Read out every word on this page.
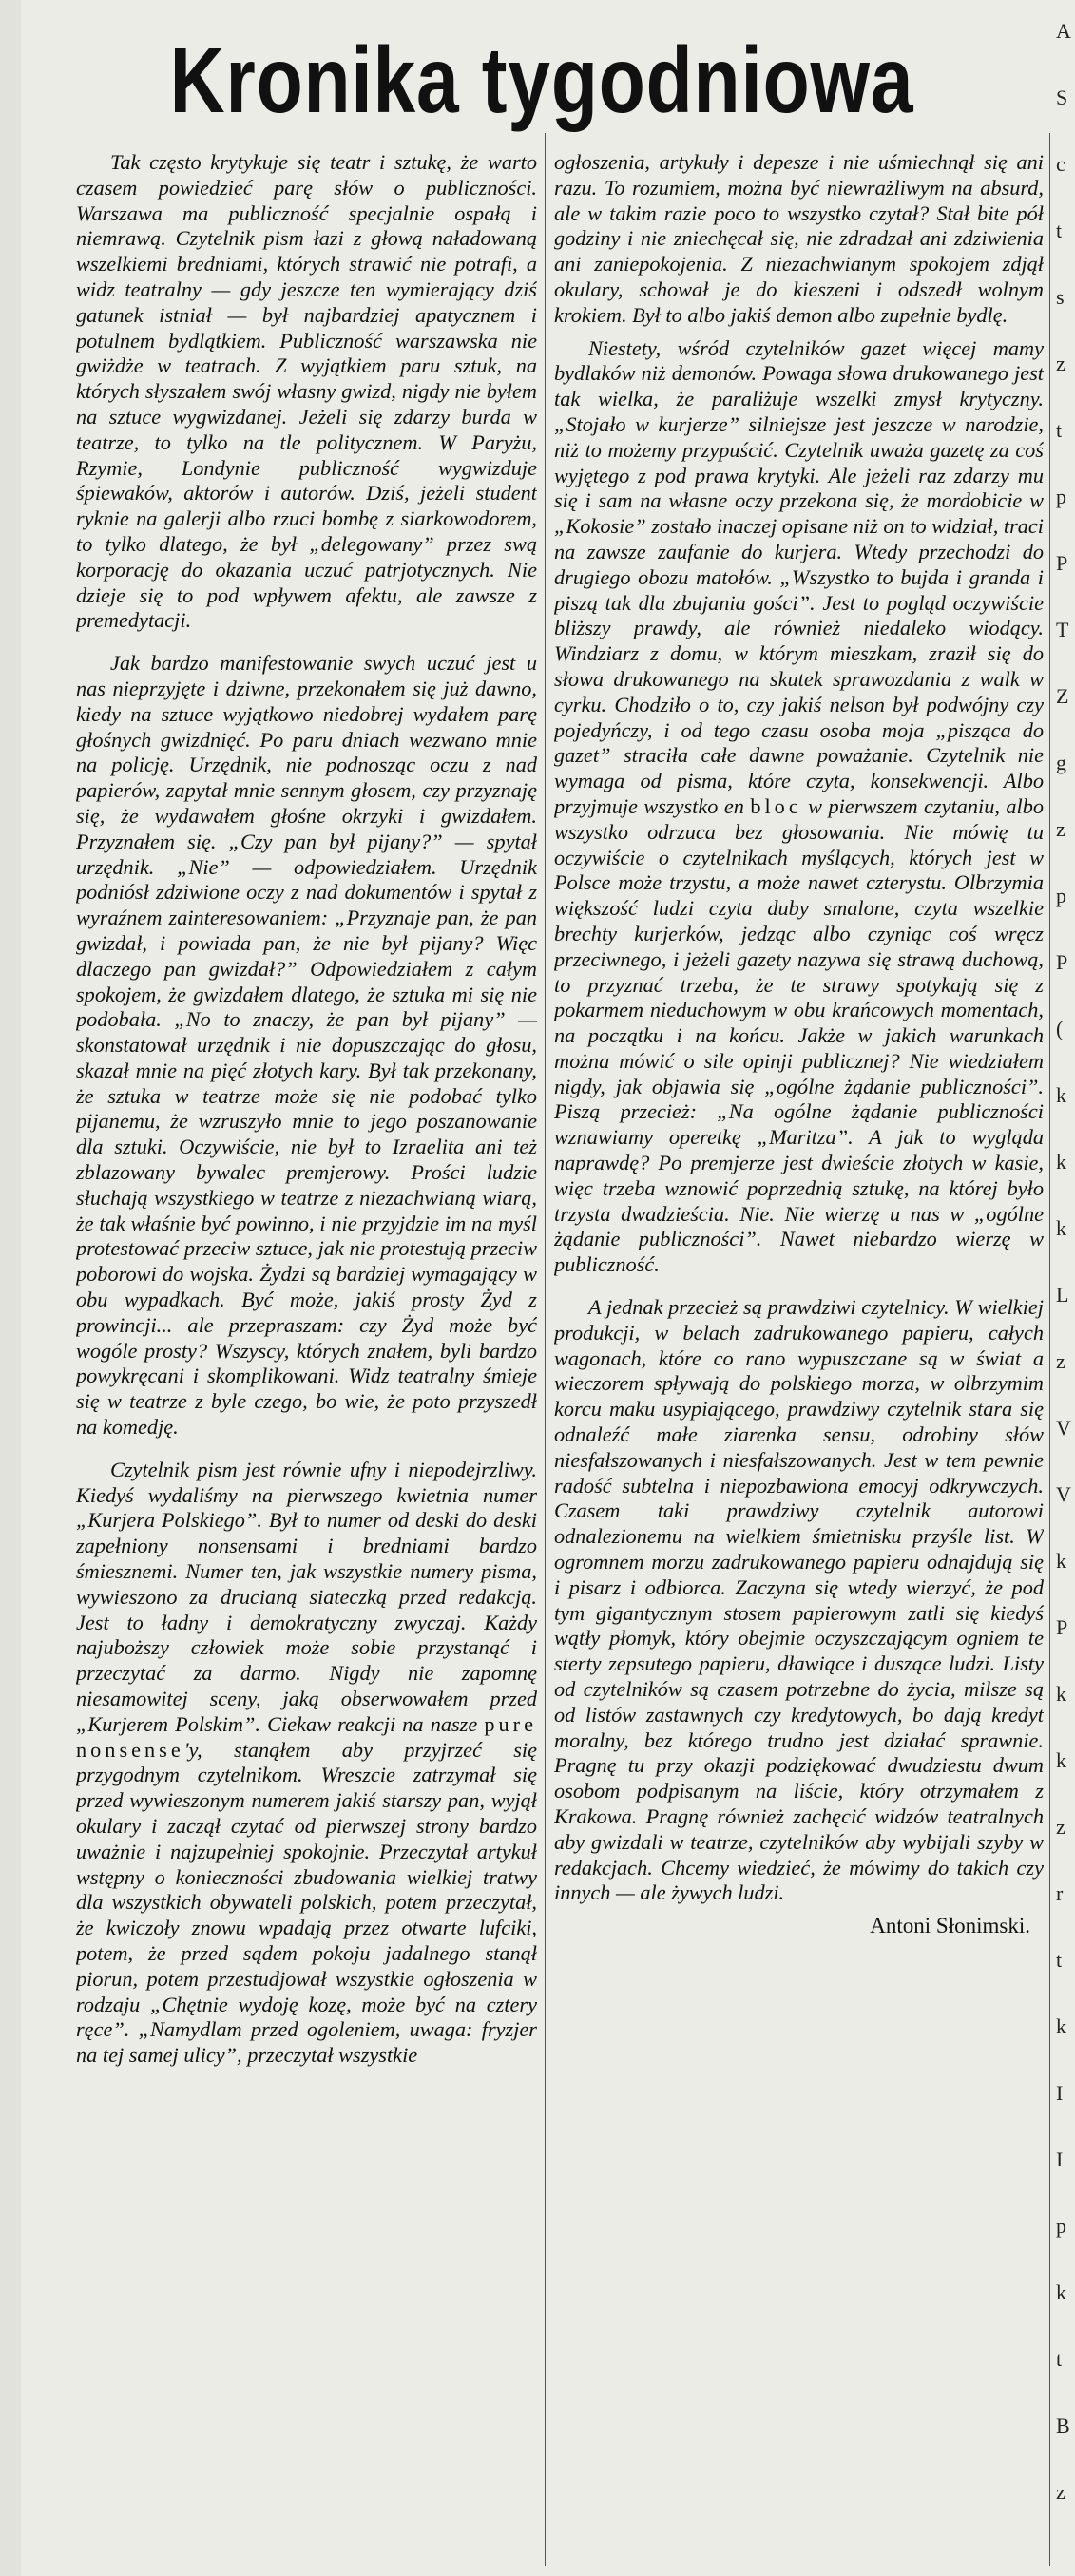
Kronika tygodniowa

Tak często krytykuje się teatr i sztukę, że warto czasem powiedzieć parę słów o publiczności. Warszawa ma publiczność specjalnie ospałą i niemrawą. Czytelnik pism łazi z głową naładowaną wszelkiemi bredniami, których strawić nie potrafi, a widz teatralny — gdy jeszcze ten wymierający dziś gatunek istniał — był najbardziej apatycznem i potulnem bydlątkiem. Publiczność warszawska nie gwiżdże w teatrach. Z wyjątkiem paru sztuk, na których słyszałem swój własny gwizd, nigdy nie byłem na sztuce wygwizdanej. Jeżeli się zdarzy burda w teatrze, to tylko na tle politycznem. W Paryżu, Rzymie, Londynie publiczność wygwizduje śpiewaków, aktorów i autorów. Dziś, jeżeli student ryknie na galerji albo rzuci bombę z siarkowodorem, to tylko dlatego, że był „delegowany” przez swą korporację do okazania uczuć patrjotycznych. Nie dzieje się to pod wpływem afektu, ale zawsze z premedytacji.

Jak bardzo manifestowanie swych uczuć jest u nas nieprzyjęte i dziwne, przekonałem się już dawno, kiedy na sztuce wyjątkowo niedobrej wydałem parę głośnych gwizdnięć. Po paru dniach wezwano mnie na policję. Urzędnik, nie podnosząc oczu z nad papierów, zapytał mnie sennym głosem, czy przyznaję się, że wydawałem głośne okrzyki i gwizdałem. Przyznałem się. „Czy pan był pijany?” — spytał urzędnik. „Nie” — odpowiedziałem. Urzędnik podniósł zdziwione oczy z nad dokumentów i spytał z wyraźnem zainteresowaniem: „Przyznaje pan, że pan gwizdał, i powiada pan, że nie był pijany? Więc dlaczego pan gwizdał?” Odpowiedziałem z całym spokojem, że gwizdałem dlatego, że sztuka mi się nie podobała. „No to znaczy, że pan był pijany” — skonstatował urzędnik i nie dopuszczając do głosu, skazał mnie na pięć złotych kary. Był tak przekonany, że sztuka w teatrze może się nie podobać tylko pijanemu, że wzruszyło mnie to jego poszanowanie dla sztuki. Oczywiście, nie był to Izraelita ani też zblazowany bywalec premjerowy. Prości ludzie słuchają wszystkiego w teatrze z niezachwianą wiarą, że tak właśnie być powinno, i nie przyjdzie im na myśl protestować przeciw sztuce, jak nie protestują przeciw poborowi do wojska. Żydzi są bardziej wymagający w obu wypadkach. Być może, jakiś prosty Żyd z prowincji... ale przepraszam: czy Żyd może być wogóle prosty? Wszyscy, których znałem, byli bardzo powykręcani i skomplikowani. Widz teatralny śmieje się w teatrze z byle czego, bo wie, że poto przyszedł na komedję.

Czytelnik pism jest równie ufny i niepodejrzliwy. Kiedyś wydaliśmy na pierwszego kwietnia numer „Kurjera Polskiego”. Był to numer od deski do deski zapełniony nonsensami i bredniami bardzo śmiesznemi. Numer ten, jak wszystkie numery pisma, wywieszono za drucianą siateczką przed redakcją. Jest to ładny i demokratyczny zwyczaj. Każdy najuboższy człowiek może sobie przystanąć i przeczytać za darmo. Nigdy nie zapomnę niesamowitej sceny, jaką obserwowałem przed „Kurjerem Polskim”. Ciekaw reakcji na nasze pure nonsense'y, stanąłem aby przyjrzeć się przygodnym czytelnikom. Wreszcie zatrzymał się przed wywieszonym numerem jakiś starszy pan, wyjął okulary i zaczął czytać od pierwszej strony bardzo uważnie i najzupełniej spokojnie. Przeczytał artykuł wstępny o konieczności zbudowania wielkiej tratwy dla wszystkich obywateli polskich, potem przeczytał, że kwiczoły znowu wpadają przez otwarte lufciki, potem, że przed sądem pokoju jadalnego stanął piorun, potem przestudjował wszystkie ogłoszenia w rodzaju „Chętnie wydoję kozę, może być na cztery ręce”. „Namydlam przed ogoleniem, uwaga: fryzjer na tej samej ulicy”, przeczytał wszystkie

ogłoszenia, artykuły i depesze i nie uśmiechnął się ani razu. To rozumiem, można być niewrażliwym na absurd, ale w takim razie poco to wszystko czytał? Stał bite pół godziny i nie zniechęcał się, nie zdradzał ani zdziwienia ani zaniepokojenia. Z niezachwianym spokojem zdjął okulary, schował je do kieszeni i odszedł wolnym krokiem. Był to albo jakiś demon albo zupełnie bydlę.

Niestety, wśród czytelników gazet więcej mamy bydlaków niż demonów. Powaga słowa drukowanego jest tak wielka, że paraliżuje wszelki zmysł krytyczny. „Stojało w kurjerze” silniejsze jest jeszcze w narodzie, niż to możemy przypuścić. Czytelnik uważa gazetę za coś wyjętego z pod prawa krytyki. Ale jeżeli raz zdarzy mu się i sam na własne oczy przekona się, że mordobicie w „Kokosie” zostało inaczej opisane niż on to widział, traci na zawsze zaufanie do kurjera. Wtedy przechodzi do drugiego obozu matołów. „Wszystko to bujda i granda i piszą tak dla zbujania gości”. Jest to pogląd oczywiście bliższy prawdy, ale również niedaleko wiodący. Windziarz z domu, w którym mieszkam, zraził się do słowa drukowanego na skutek sprawozdania z walk w cyrku. Chodziło o to, czy jakiś nelson był podwójny czy pojedyńczy, i od tego czasu osoba moja „pisząca do gazet” straciła całe dawne poważanie. Czytelnik nie wymaga od pisma, które czyta, konsekwencji. Albo przyjmuje wszystko en bloc w pierwszem czytaniu, albo wszystko odrzuca bez głosowania. Nie mówię tu oczywiście o czytelnikach myślących, których jest w Polsce może trzystu, a może nawet czterystu. Olbrzymia większość ludzi czyta duby smalone, czyta wszelkie brechty kurjerków, jedząc albo czyniąc coś wręcz przeciwnego, i jeżeli gazety nazywa się strawą duchową, to przyznać trzeba, że te strawy spotykają się z pokarmem nieduchowym w obu krańcowych momentach, na początku i na końcu. Jakże w jakich warunkach można mówić o sile opinji publicznej? Nie wiedziałem nigdy, jak objawia się „ogólne żądanie publiczności”. Piszą przecież: „Na ogólne żądanie publiczności wznawiamy operetkę „Maritza”. A jak to wygląda naprawdę? Po premjerze jest dwieście złotych w kasie, więc trzeba wznowić poprzednią sztukę, na której było trzysta dwadzieścia. Nie. Nie wierzę u nas w „ogólne żądanie publiczności”. Nawet niebardzo wierzę w publiczność.

A jednak przecież są prawdziwi czytelnicy. W wielkiej produkcji, w belach zadrukowanego papieru, całych wagonach, które co rano wypuszczane są w świat a wieczorem spływają do polskiego morza, w olbrzymim korcu maku usypiającego, prawdziwy czytelnik stara się odnaleźć małe ziarenka sensu, odrobiny słów niesfałszowanych i niesfałszowanych. Jest w tem pewnie radość subtelna i niepozbawiona emocyj odkrywczych. Czasem taki prawdziwy czytelnik autorowi odnalezionemu na wielkiem śmietnisku przyśle list. W ogromnem morzu zadrukowanego papieru odnajdują się i pisarz i odbiorca. Zaczyna się wtedy wierzyć, że pod tym gigantycznym stosem papierowym zatli się kiedyś wątły płomyk, który obejmie oczyszczającym ogniem te sterty zepsutego papieru, dławiące i duszące ludzi. Listy od czytelników są czasem potrzebne do życia, milsze są od listów zastawnych czy kredytowych, bo dają kredyt moralny, bez którego trudno jest działać sprawnie. Pragnę tu przy okazji podziękować dwudziestu dwum osobom podpisanym na liście, który otrzymałem z Krakowa. Pragnę również zachęcić widzów teatralnych aby gwizdali w teatrze, czytelników aby wybijali szyby w redakcjach. Chcemy wiedzieć, że mówimy do takich czy innych — ale żywych ludzi.

Antoni Słonimski.

A
S
c
t
s
z
t
p
P
T
Z
g
z
p
P
(
k
k
k
L
z
V
V
k
P
k
k
z
r
t
k
I
I
p
k
t
B
z
